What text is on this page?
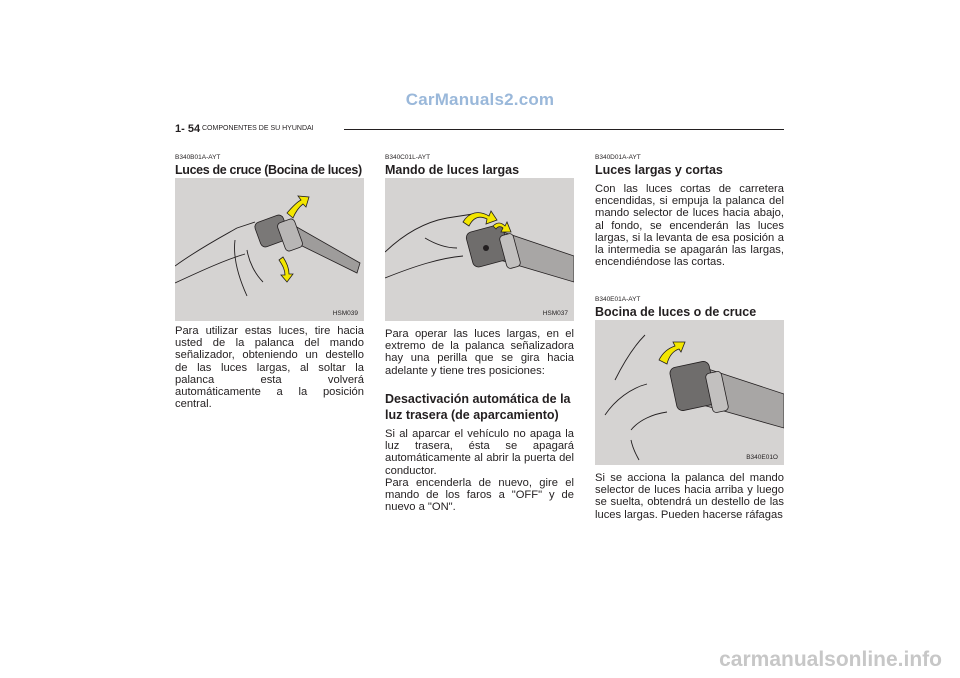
CarManuals2.com
1- 54 COMPONENTES DE SU HYUNDAI
B340B01A-AYT
Luces de cruce (Bocina de luces)
HSM039

Para utilizar estas luces, tire hacia usted de la palanca del mando señalizador, obteniendo un destello de las luces largas, al soltar la palanca esta volverá automáticamente a la posición central.

B340C01L-AYT
Mando de luces largas
HSM037

Para operar las luces largas, en el extremo de la palanca señalizadora hay una perilla que se gira hacia adelante y tiene tres posiciones:

Desactivación automática de la luz trasera (de aparcamiento)

Si al aparcar el vehículo no apaga la luz trasera, ésta se apagará automáticamente al abrir la puerta del conductor.

Para encenderla de nuevo, gire el mando de los faros a "OFF" y de nuevo a "ON".

B340D01A-AYT
Luces largas y cortas

Con las luces cortas de carretera encendidas, si empuja la palanca del mando selector de luces hacia abajo, al fondo, se encenderán las luces largas, si la levanta de esa posición a la intermedia se apagarán las largas, encendiéndose las cortas.

B340E01A-AYT
Bocina de luces o de cruce
B340E01O

Si se acciona la palanca del mando selector de luces hacia arriba y luego se suelta, obtendrá un destello de las luces largas. Pueden hacerse ráfagas

carmanualsonline.info
